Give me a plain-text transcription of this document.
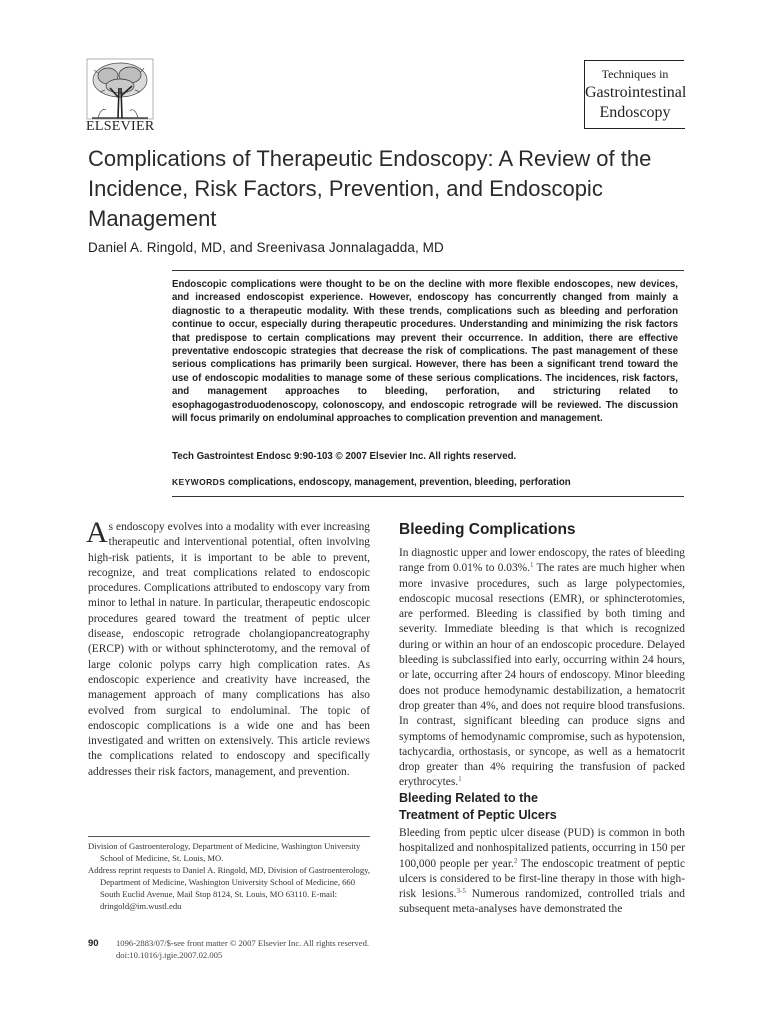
ELSEVIER
Techniques in
Gastrointestinal
Endoscopy
Complications of Therapeutic Endoscopy: A Review of the Incidence, Risk Factors, Prevention, and Endoscopic Management
Daniel A. Ringold, MD, and Sreenivasa Jonnalagadda, MD

Endoscopic complications were thought to be on the decline with more flexible endoscopes, new devices, and increased endoscopist experience. However, endoscopy has concurrently changed from mainly a diagnostic to a therapeutic modality. With these trends, complications such as bleeding and perforation continue to occur, especially during therapeutic procedures. Understanding and minimizing the risk factors that predispose to certain complications may prevent their occurrence. In addition, there are effective preventative endoscopic strategies that decrease the risk of complications. The past management of these serious complications has primarily been surgical. However, there has been a significant trend toward the use of endoscopic modalities to manage some of these serious complications. The incidences, risk factors, and management approaches to bleeding, perforation, and stricturing related to esophagogastroduodenoscopy, colonoscopy, and endoscopic retrograde will be reviewed. The discussion will focus primarily on endoluminal approaches to complication prevention and management.

Tech Gastrointest Endosc 9:90-103 © 2007 Elsevier Inc. All rights reserved.
KEYWORDS complications, endoscopy, management, prevention, bleeding, perforation

As endoscopy evolves into a modality with ever increasing therapeutic and interventional potential, often involving high-risk patients, it is important to be able to prevent, recognize, and treat complications related to endoscopic procedures. Complications attributed to endoscopy vary from minor to lethal in nature. In particular, therapeutic endoscopic procedures geared toward the treatment of peptic ulcer disease, endoscopic retrograde cholangiopancreatography (ERCP) with or without sphincterotomy, and the removal of large colonic polyps carry high complication rates. As endoscopic experience and creativity have increased, the management approach of many complications has also evolved from surgical to endoluminal. The topic of endoscopic complications is a wide one and has been investigated and written on extensively. This article reviews the complications related to endoscopy and specifically addresses their risk factors, management, and prevention.

Division of Gastroenterology, Department of Medicine, Washington University School of Medicine, St. Louis, MO.

Address reprint requests to Daniel A. Ringold, MD, Division of Gastroenterology, Department of Medicine, Washington University School of Medicine, 660 South Euclid Avenue, Mail Stop 8124, St. Louis, MO 63110. E-mail: dringold@im.wustl.edu

Bleeding Complications

In diagnostic upper and lower endoscopy, the rates of bleeding range from 0.01% to 0.03%.$^1$ The rates are much higher when more invasive procedures, such as large polypectomies, endoscopic mucosal resections (EMR), or sphincterotomies, are performed. Bleeding is classified by both timing and severity. Immediate bleeding is that which is recognized during or within an hour of an endoscopic procedure. Delayed bleeding is subclassified into early, occurring within 24 hours, or late, occurring after 24 hours of endoscopy. Minor bleeding does not produce hemodynamic destabilization, a hematocrit drop greater than 4%, and does not require blood transfusions. In contrast, significant bleeding can produce signs and symptoms of hemodynamic compromise, such as hypotension, tachycardia, orthostasis, or syncope, as well as a hematocrit drop greater than 4% requiring the transfusion of packed erythrocytes.$^1$

Bleeding Related to the
Treatment of Peptic Ulcers

Bleeding from peptic ulcer disease (PUD) is common in both hospitalized and nonhospitalized patients, occurring in 150 per 100,000 people per year.$^2$ The endoscopic treatment of peptic ulcers is considered to be first-line therapy in those with high-risk lesions.$^{3-5}$ Numerous randomized, controlled trials and subsequent meta-analyses have demonstrated the

90 1096-2883/07/$-see front matter © 2007 Elsevier Inc. All rights reserved.
doi:10.1016/j.tgie.2007.02.005
